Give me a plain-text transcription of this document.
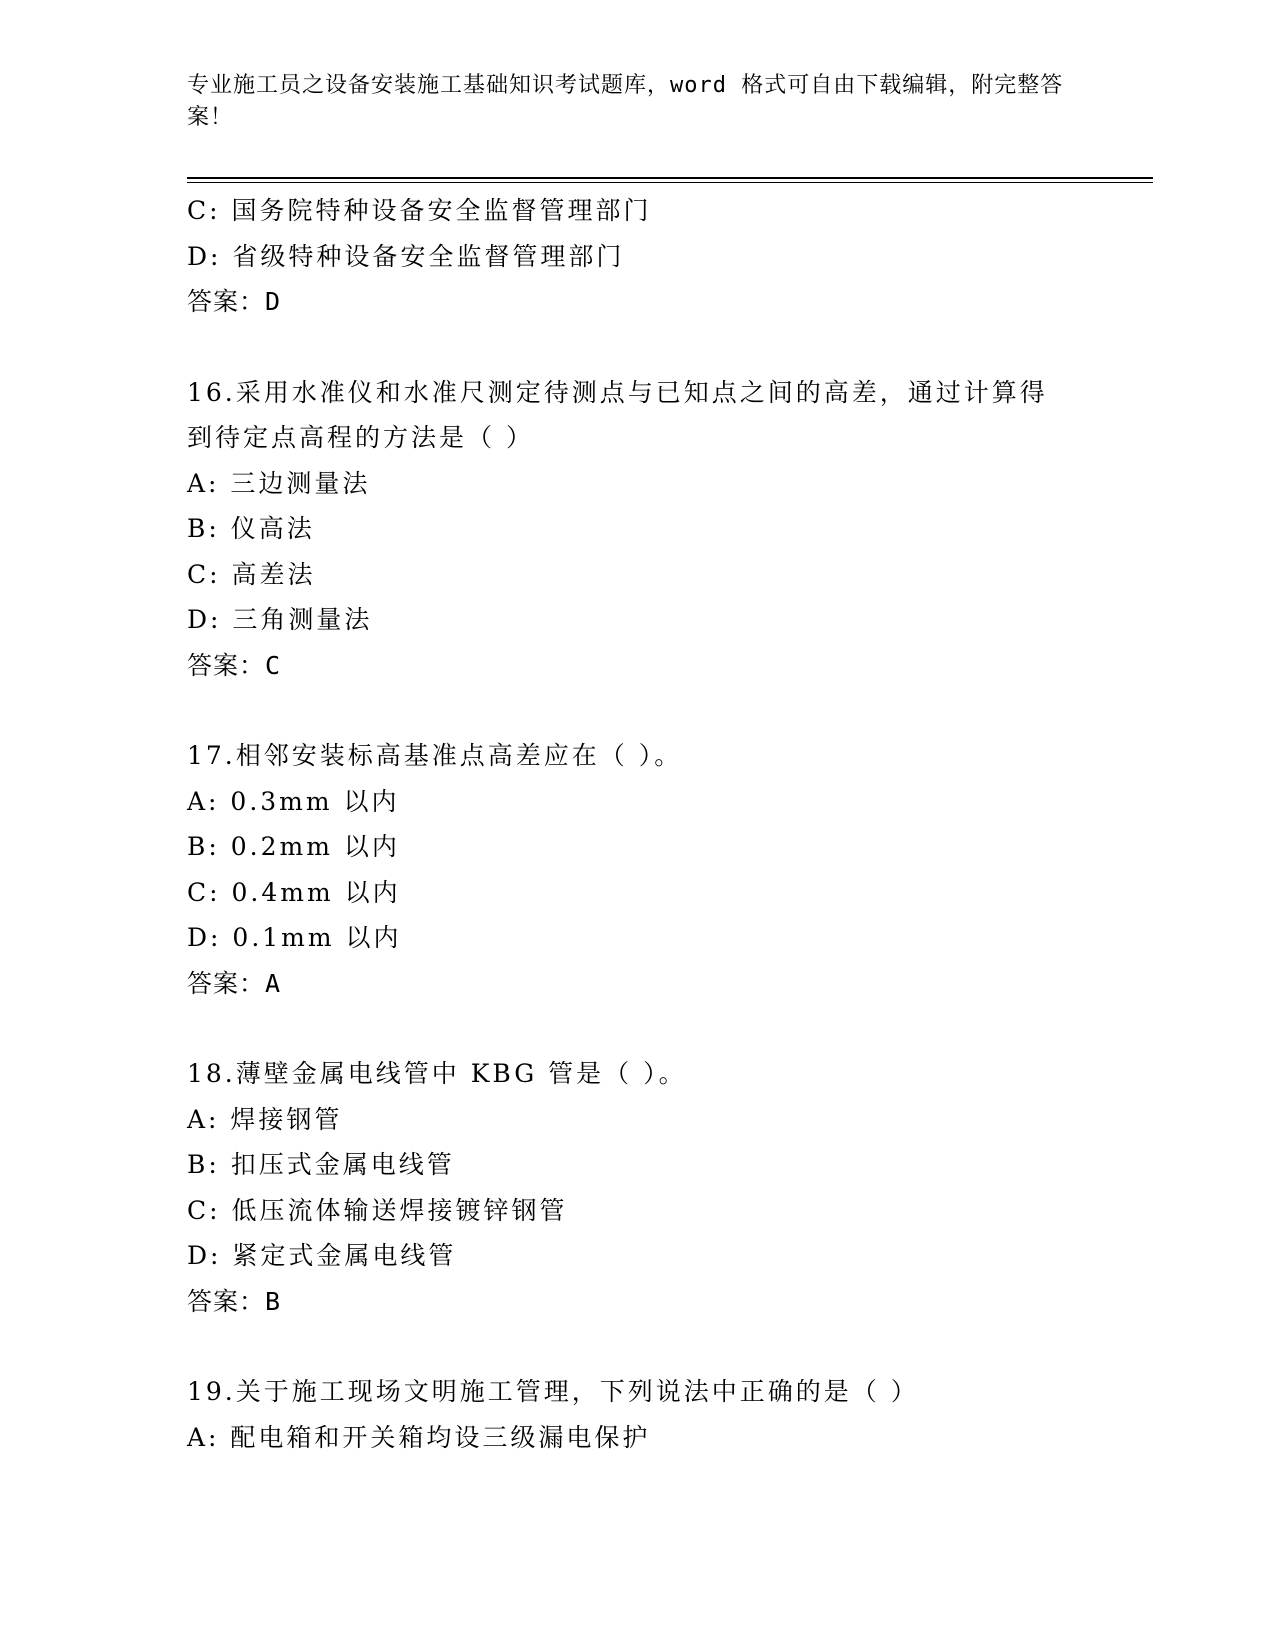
专业施工员之设备安装施工基础知识考试题库，word 格式可自由下载编辑，附完整答案！
C: 国务院特种设备安全监督管理部门
D: 省级特种设备安全监督管理部门
答案：D
16.采用水准仪和水准尺测定待测点与已知点之间的高差，通过计算得
到待定点高程的方法是（ ）
A: 三边测量法
B: 仪高法
C: 高差法
D: 三角测量法
答案：C
17.相邻安装标高基准点高差应在（ ）。
A: 0.3mm 以内
B: 0.2mm 以内
C: 0.4mm 以内
D: 0.1mm 以内
答案：A
18.薄壁金属电线管中 KBG 管是（ ）。
A: 焊接钢管
B: 扣压式金属电线管
C: 低压流体输送焊接镀锌钢管
D: 紧定式金属电线管
答案：B
19.关于施工现场文明施工管理，下列说法中正确的是（ ）
A: 配电箱和开关箱均设三级漏电保护
